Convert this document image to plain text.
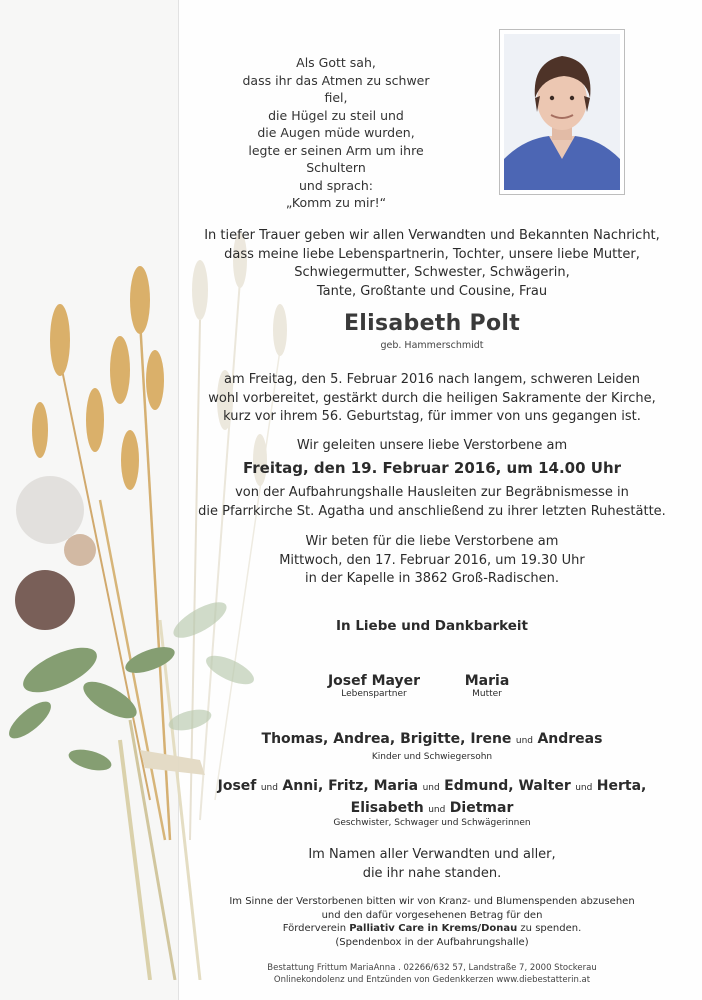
Als Gott sah,
dass ihr das Atmen zu schwer fiel,
die Hügel zu steil und
die Augen müde wurden,
legte er seinen Arm um ihre Schultern
und sprach:
„Komm zu mir!“
In tiefer Trauer geben wir allen Verwandten und Bekannten Nachricht,
dass meine liebe Lebenspartnerin, Tochter, unsere liebe Mutter,
Schwiegermutter, Schwester, Schwägerin,
Tante, Großtante und Cousine, Frau
Elisabeth Polt
geb. Hammerschmidt
am Freitag, den 5. Februar 2016 nach langem, schweren Leiden
wohl vorbereitet, gestärkt durch die heiligen Sakramente der Kirche,
kurz vor ihrem 56. Geburtstag, für immer von uns gegangen ist.
Wir geleiten unsere liebe Verstorbene am
Freitag, den 19. Februar 2016, um 14.00 Uhr
von der Aufbahrungshalle Hausleiten zur Begräbnismesse in
die Pfarrkirche St. Agatha und anschließend zu ihrer letzten Ruhestätte.
Wir beten für die liebe Verstorbene am
Mittwoch, den 17. Februar 2016, um 19.30 Uhr
in der Kapelle in 3862 Groß-Radischen.
In Liebe und Dankbarkeit
Josef Mayer
Lebenspartner
Maria
Mutter
Thomas, Andrea, Brigitte, Irene und Andreas
Kinder und Schwiegersohn
Josef und Anni, Fritz, Maria und Edmund, Walter und Herta,
Elisabeth und Dietmar
Geschwister, Schwager und Schwägerinnen
Im Namen aller Verwandten und aller,
die ihr nahe standen.
Im Sinne der Verstorbenen bitten wir von Kranz- und Blumenspenden abzusehen
und den dafür vorgesehenen Betrag für den
Förderverein Palliativ Care in Krems/Donau zu spenden.
(Spendenbox in der Aufbahrungshalle)
Bestattung Frittum MariaAnna . 02266/632 57, Landstraße 7, 2000 Stockerau
Onlinekondolenz und Entzünden von Gedenkkerzen www.diebestatterin.at
